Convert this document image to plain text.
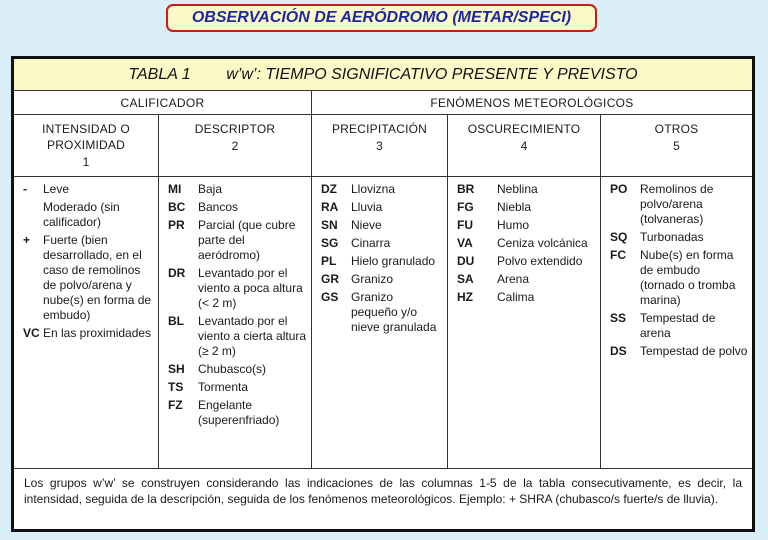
OBSERVACIÓN DE AERÓDROMO (METAR/SPECI)
TABLA 1        w’w’: TIEMPO SIGNIFICATIVO PRESENTE Y PREVISTO
CALIFICADOR	FENÓMENOS METEOROLÓGICOS
INTENSIDAD O PROXIMIDAD
1
DESCRIPTOR
2
PRECIPITACIÓN
3
OSCURECIMIENTO
4
OTROS
5
-	Leve
Moderado (sin calificador)
+	Fuerte (bien desarrollado, en el caso de remolinos de polvo/arena y nube(s) en forma de embudo)
VC En las proximidades
MI	Baja
BC	Bancos
PR	Parcial (que cubre parte del aeródromo)
DR	Levantado por el viento a poca altura (< 2 m)
BL	Levantado por el viento a cierta altura (≥ 2 m)
SH	Chubasco(s)
TS	Tormenta
FZ	Engelante (superenfriado)
DZ	Llovizna
RA	Lluvia
SN	Nieve
SG	Cinarra
PL	Hielo granulado
GR	Granizo
GS	Granizo pequeño y/o nieve granulada
BR	Neblina
FG	Niebla
FU	Humo
VA	Ceniza volcánica
DU	Polvo extendido
SA	Arena
HZ	Calima
PO	Remolinos de polvo/arena (tolvaneras)
SQ	Turbonadas
FC	Nube(s) en forma de embudo (tornado o tromba marina)
SS	Tempestad de arena
DS	Tempestad de polvo
Los grupos w’w’ se construyen considerando las indicaciones de las columnas 1-5 de la tabla consecutivamente, es decir, la intensidad, seguida de la descripción, seguida de los fenómenos meteorológicos. Ejemplo: + SHRA (chubasco/s fuerte/s de lluvia).
